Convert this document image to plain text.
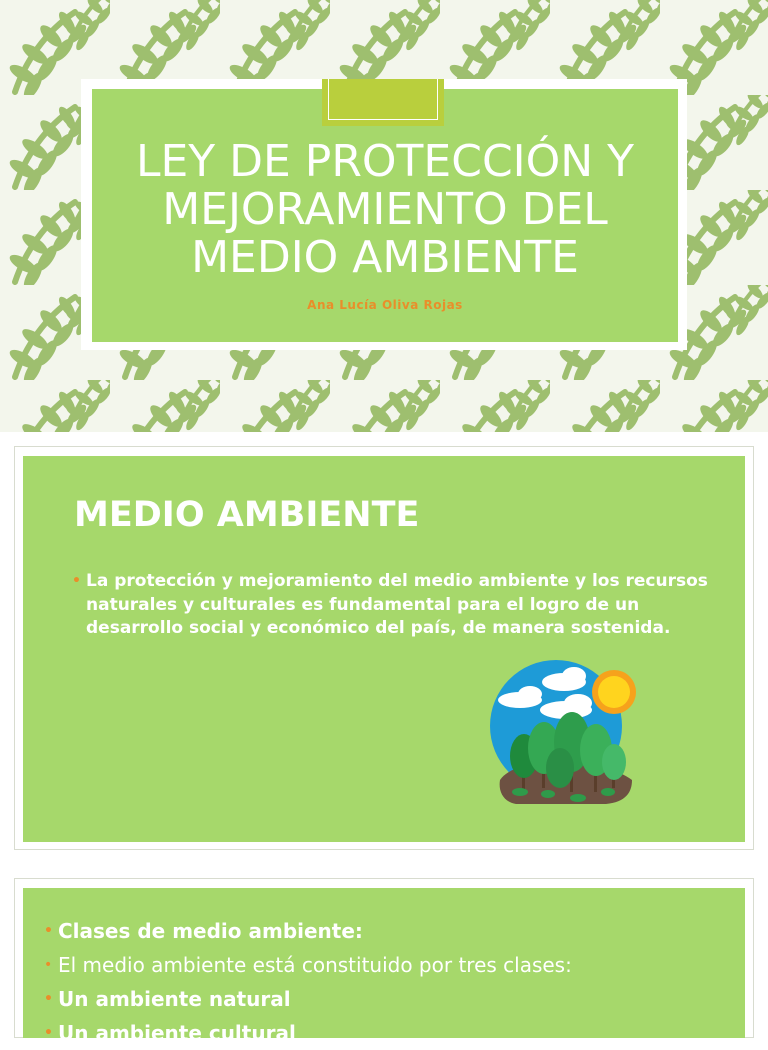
LEY DE PROTECCIÓN Y
MEJORAMIENTO DEL
MEDIO AMBIENTE
Ana Lucía Oliva Rojas
MEDIO AMBIENTE
• La protección y mejoramiento del medio ambiente y los recursos naturales y culturales es fundamental para el logro de un desarrollo social y económico del país, de manera sostenida.
• Clases de medio ambiente:
• El medio ambiente está constituido por tres clases:
• Un ambiente natural
• Un ambiente cultural
